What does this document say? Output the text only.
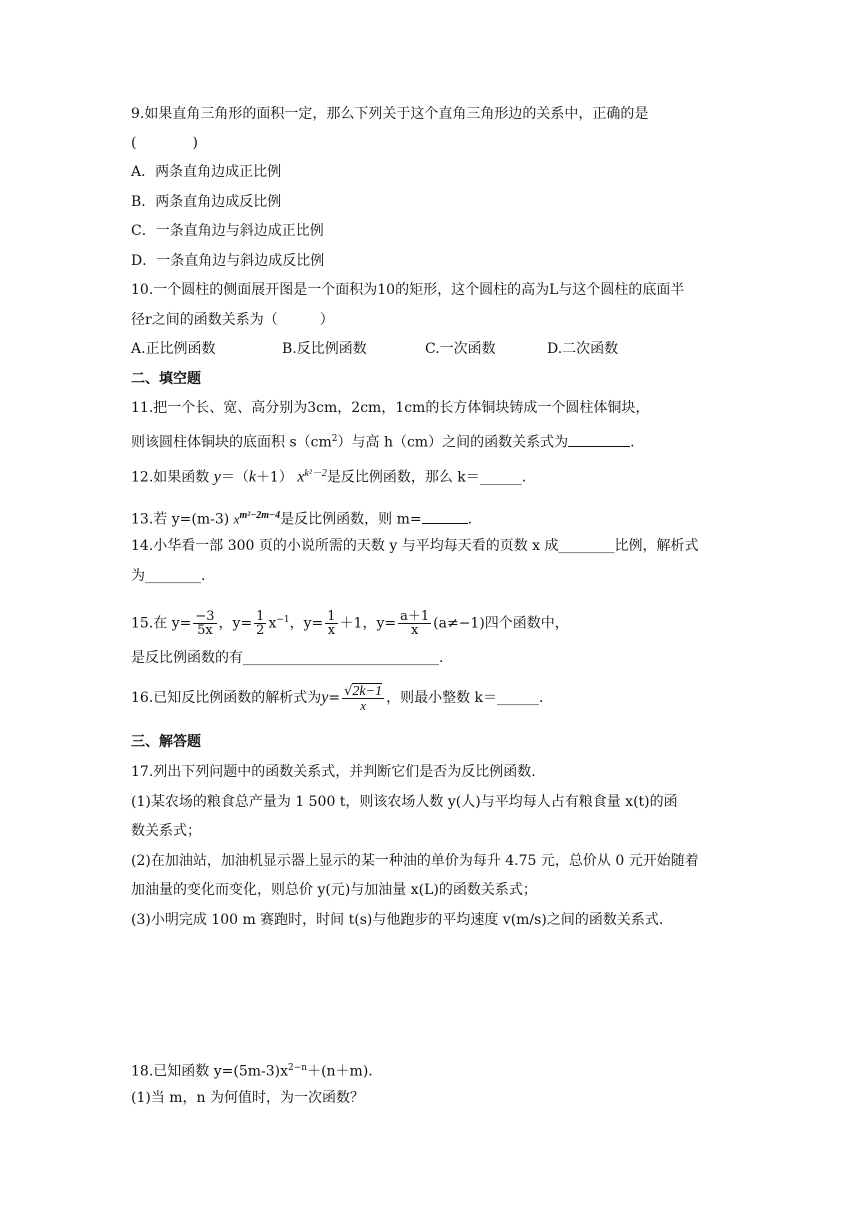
9.如果直角三角形的面积一定，那么下列关于这个直角三角形边的关系中，正确的是
(　　　　)
A．两条直角边成正比例
B．两条直角边成反比例
C．一条直角边与斜边成正比例
D．一条直角边与斜边成反比例
10.一个圆柱的侧面展开图是一个面积为10的矩形，这个圆柱的高为L与这个圆柱的底面半
径r之间的函数关系为（　　　）
A.正比例函数	B.反比例函数	C.一次函数	D.二次函数
二、填空题
11.把一个长、宽、高分别为3cm，2cm，1cm的长方体铜块铸成一个圆柱体铜块，
则该圆柱体铜块的底面积 $s(cm^2)$与高 h（cm）之间的函数关系式为	.
12.如果函数 y＝（k＋1） $x^{k^2-2}$是反比例函数，那么 k＝______.
13.若 y=(m-3) $x^{m^2-2m-4}$是反比例函数，则 m=	.
14.小华看一部 300 页的小说所需的天数 y 与平均每天看的页数 x 成________比例，解析式
为________.
15.在 $y= \frac{-3}{5x}$ ，$y= \frac{1}{2} x^{-1}$，$y= \frac{1}{x} +1$，$y= \frac{a+1}{x} (a\ne-1)$四个函数中，
是反比例函数的有____________________________.
16.已知反比例函数的解析式为$y= \frac{√2k-1}{x}$ ，则最小整数 k＝______.
三、解答题
17.列出下列问题中的函数关系式，并判断它们是否为反比例函数.
(1)某农场的粮食总产量为 1 500 t，则该农场人数 y(人)与平均每人占有粮食量 x(t)的函
数关系式；
(2)在加油站，加油机显示器上显示的某一种油的单价为每升 4.75 元，总价从 0 元开始随着
加油量的变化而变化，则总价 y(元)与加油量 x(L)的函数关系式；
(3)小明完成 100 m 赛跑时，时间 t(s)与他跑步的平均速度 v(m/s)之间的函数关系式.
18.已知函数 $y=(5m-3)x^{2-n}+(n+m)$.
(1)当 m，n 为何值时，为一次函数？
